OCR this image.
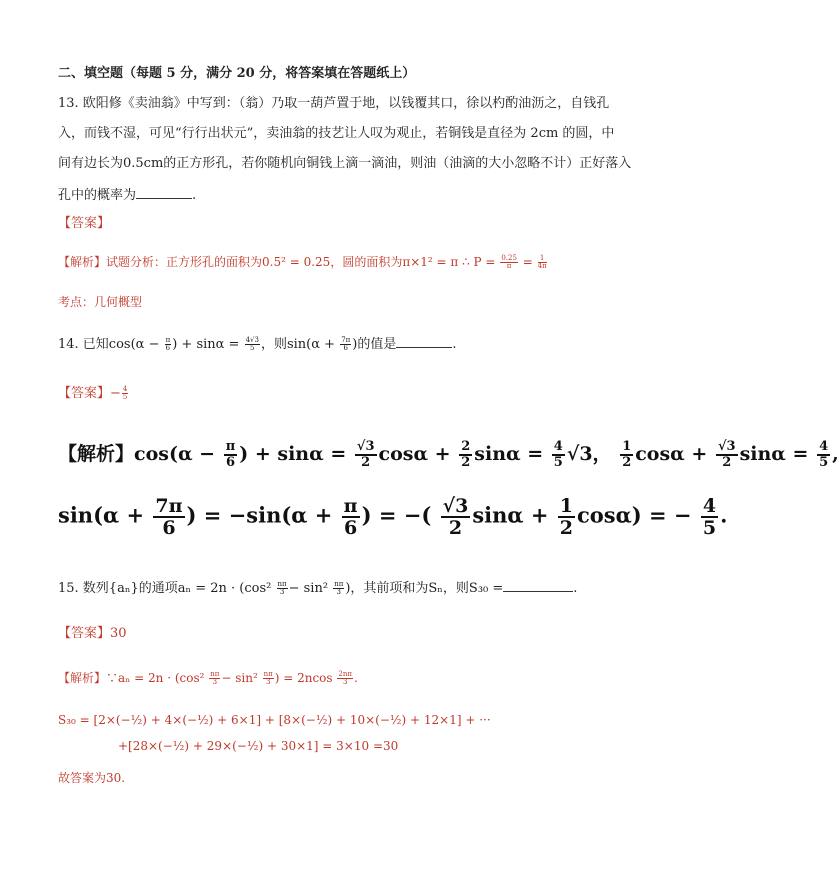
二、填空题（每题 5 分，满分 20 分，将答案填在答题纸上）
13. 欧阳修《卖油翁》中写到：（翁）乃取一葫芦置于地，以钱覆其口，徐以杓酌油沥之，自钱孔
入，而钱不湿，可见“行行出状元”，卖油翁的技艺让人叹为观止，若铜钱是直径为 2cm 的圆，中
间有边长为0.5cm的正方形孔，若你随机向铜钱上滴一滴油，则油（油滴的大小忽略不计）正好落入
孔中的概率为	.
【答案】
【解析】试题分析：正方形孔的面积为0.5² = 0.25，圆的面积为π×1² = π ∴ $P = \frac{0.25}{\pi} = \frac{1}{4\pi}$
考点：几何概型
14. 已知$\cos(\alpha - \frac{\pi}{6}$ ) + $\sin\alpha = \frac{4√3}{5}$ ，则$\sin(\alpha + \frac{7\pi}{6}$ )的值是	.
【答案】− $\frac{4}{5}$
【解析】$\cos(\alpha - \frac{\pi}{6}$ ) + $\sin\alpha = \frac{√3}{2}$ $\cos\alpha + \frac{2}{2}$ $\sin\alpha = \frac{4}{5} √3$， $\frac{1}{2}$ $\cos\alpha + \frac{√3}{2}$ $\sin\alpha = \frac{4}{5}$ ,
$\sin(\alpha + \frac{7\pi}{6}$ ) = $-\sin(\alpha + \frac{\pi}{6}$ ) = −( $\frac{√3}{2}$ $\sin\alpha + \frac{1}{2} \cos\alpha$) = − $\frac{4}{5}$ .
15. 数列{aₙ}的通项$a_n = 2n \cdot (\cos^2 \frac{n\pi}{3} - \sin^2 \frac{n\pi}{3}$ )，其前项和为Sₙ，则S₃₀ =	.
【答案】30
【解析】∵aₙ = $2n \cdot (\cos^2 \frac{n\pi}{3} - \sin^2 \frac{n\pi}{3}$ ) = $2ncos \frac{2n\pi}{3}$ .
S₃₀ = [2×(−½) + 4×(−½) + 6×1] + [8×(−½) + 10×(−½) + 12×1] + ···
+[28×(−½) + 29×(−½) + 30×1] = 3×10 =30
故答案为30.
